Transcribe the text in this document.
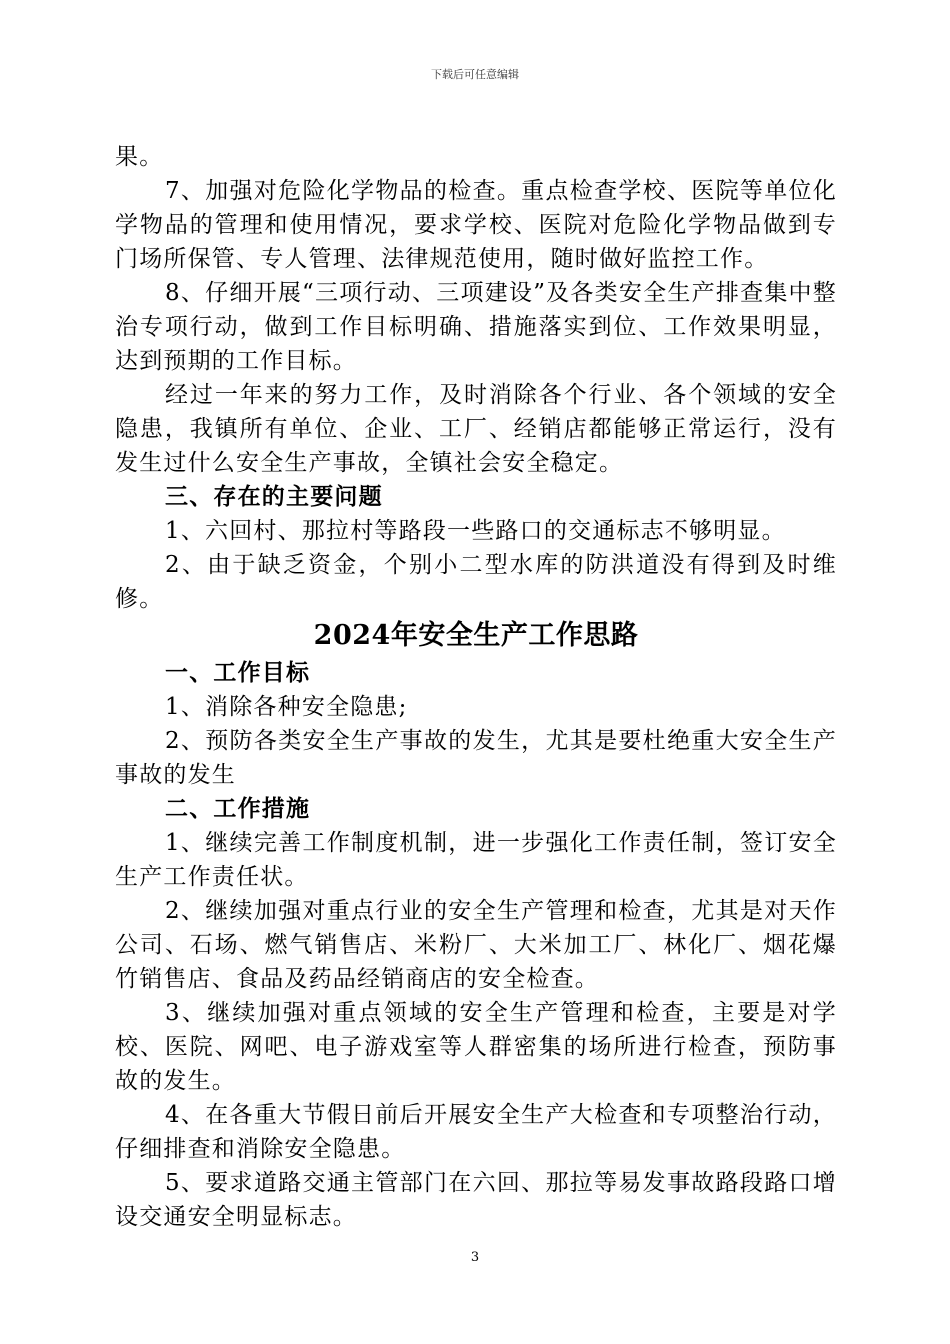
下载后可任意编辑

果。

7、加强对危险化学物品的检查。重点检查学校、医院等单位化学物品的管理和使用情况，要求学校、医院对危险化学物品做到专门场所保管、专人管理、法律规范使用，随时做好监控工作。

8、仔细开展“三项行动、三项建设”及各类安全生产排查集中整治专项行动，做到工作目标明确、措施落实到位、工作效果明显，达到预期的工作目标。

经过一年来的努力工作，及时消除各个行业、各个领域的安全隐患，我镇所有单位、企业、工厂、经销店都能够正常运行，没有发生过什么安全生产事故，全镇社会安全稳定。

三、存在的主要问题

1、六回村、那拉村等路段一些路口的交通标志不够明显。

2、由于缺乏资金，个别小二型水库的防洪道没有得到及时维修。

2024年安全生产工作思路

一、工作目标

1、消除各种安全隐患;

2、预防各类安全生产事故的发生，尤其是要杜绝重大安全生产事故的发生

二、工作措施

1、继续完善工作制度机制，进一步强化工作责任制，签订安全生产工作责任状。

2、继续加强对重点行业的安全生产管理和检查，尤其是对天作公司、石场、燃气销售店、米粉厂、大米加工厂、林化厂、烟花爆竹销售店、食品及药品经销商店的安全检查。

3、继续加强对重点领域的安全生产管理和检查，主要是对学校、医院、网吧、电子游戏室等人群密集的场所进行检查，预防事故的发生。

4、在各重大节假日前后开展安全生产大检查和专项整治行动，仔细排查和消除安全隐患。

5、要求道路交通主管部门在六回、那拉等易发事故路段路口增设交通安全明显标志。

3
